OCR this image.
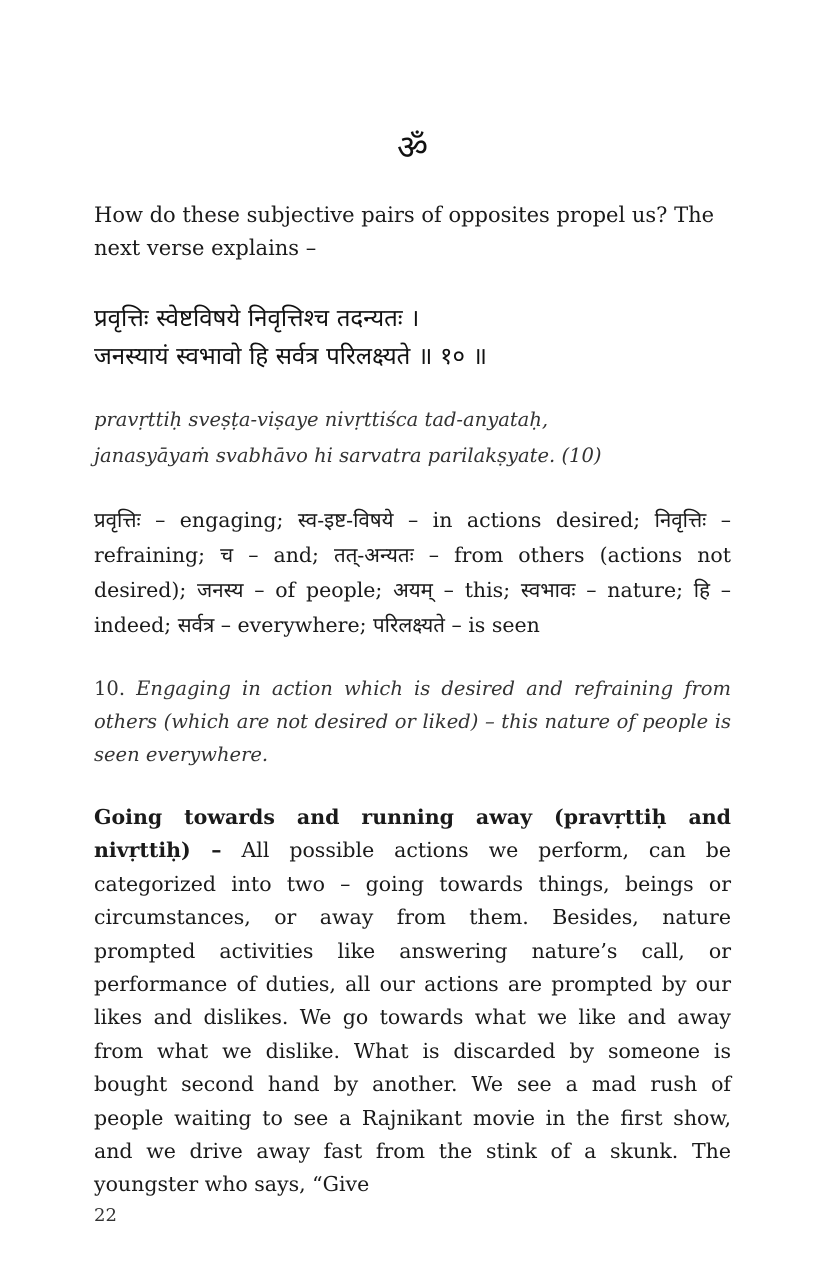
ॐ

How do these subjective pairs of opposites propel us? The next verse explains –

प्रवृत्तिः स्वेष्टविषये निवृत्तिश्च तदन्यतः ।
जनस्यायं स्वभावो हि सर्वत्र परिलक्ष्यते ॥ १० ॥
pravṛttiḥ sveṣṭa-viṣaye nivṛttiśca tad-anyataḥ,
janasyāyaṁ svabhāvo hi sarvatra parilakṣyate. (10)

प्रवृत्तिः – engaging; स्व-इष्ट-विषये – in actions desired; निवृत्तिः – refraining; च – and; तत्-अन्यतः – from others (actions not desired); जनस्य – of people; अयम् – this; स्वभावः – nature; हि – indeed; सर्वत्र – everywhere; परिलक्ष्यते – is seen

10. Engaging in action which is desired and refraining from others (which are not desired or liked) – this nature of people is seen everywhere.

Going towards and running away (pravṛttiḥ and nivṛttiḥ) – All possible actions we perform, can be categorized into two – going towards things, beings or circumstances, or away from them. Besides, nature prompted activities like answering nature’s call, or performance of duties, all our actions are prompted by our likes and dislikes. We go towards what we like and away from what we dislike. What is discarded by someone is bought second hand by another. We see a mad rush of people waiting to see a Rajnikant movie in the first show, and we drive away fast from the stink of a skunk. The youngster who says, “Give

22
